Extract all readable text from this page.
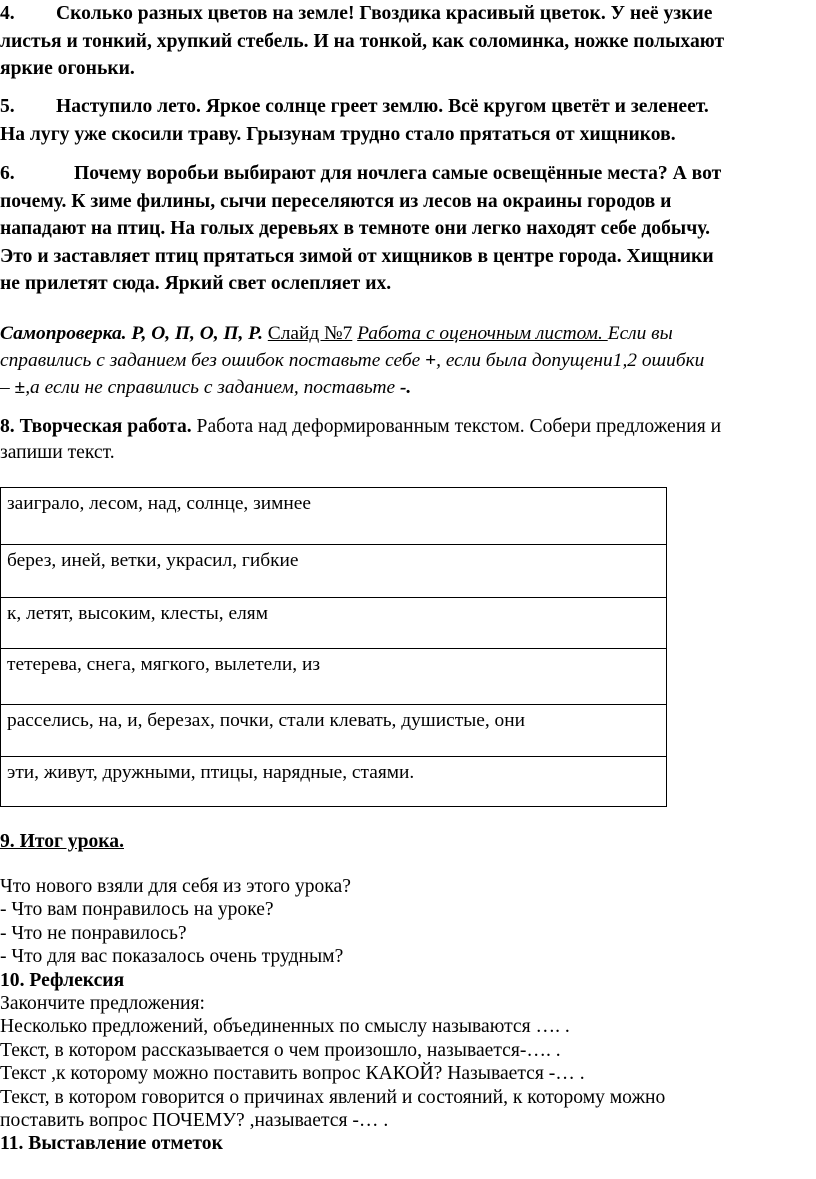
4. Сколько разных цветов на земле! Гвоздика красивый цветок. У неё узкие
листья и тонкий, хрупкий стебель. И на тонкой, как соломинка, ножке полыхают
яркие огоньки.
5. Наступило лето. Яркое солнце греет землю. Всё кругом цветёт и зеленеет.
На лугу уже скосили траву. Грызунам трудно стало прятаться от хищников.
6.	Почему воробьи выбирают для ночлега самые освещённые места? А вот
почему. К зиме филины, сычи переселяются из лесов на окраины городов и
нападают на птиц. На голых деревьях в темноте они легко находят себе добычу.
Это и заставляет птиц прятаться зимой от хищников в центре города. Хищники
не прилетят сюда. Яркий свет ослепляет их.
Самопроверка. Р, О, П, О, П, Р. Слайд №7 Работа с оценочным листом. Если вы
справились с заданием без ошибок поставьте себе +, если была допущени1,2 ошибки
– ±,а если не справились с заданием, поставьте -.
8. Творческая работа. Работа над деформированным текстом. Собери предложения и
запиши текст.
заиграло, лесом, над, солнце, зимнее
берез, иней, ветки, украсил, гибкие
к, летят, высоким, клесты, елям
тетерева, снега, мягкого, вылетели, из
расселись, на, и, березах, почки, стали клевать, душистые, они
эти, живут, дружными, птицы, нарядные, стаями.
9. Итог урока.
Что нового взяли для себя из этого урока?
- Что вам понравилось на уроке?
- Что не понравилось?
- Что для вас показалось очень трудным?
10. Рефлексия
Закончите предложения:
Несколько предложений, объединенных по смыслу называются …. .
Текст, в котором рассказывается о чем произошло, называется-…. .
Текст ,к которому можно поставить вопрос КАКОЙ? Называется -… .
Текст, в котором говорится о причинах явлений и состояний, к которому можно
поставить вопрос ПОЧЕМУ? ,называется -… .
11. Выставление отметок
